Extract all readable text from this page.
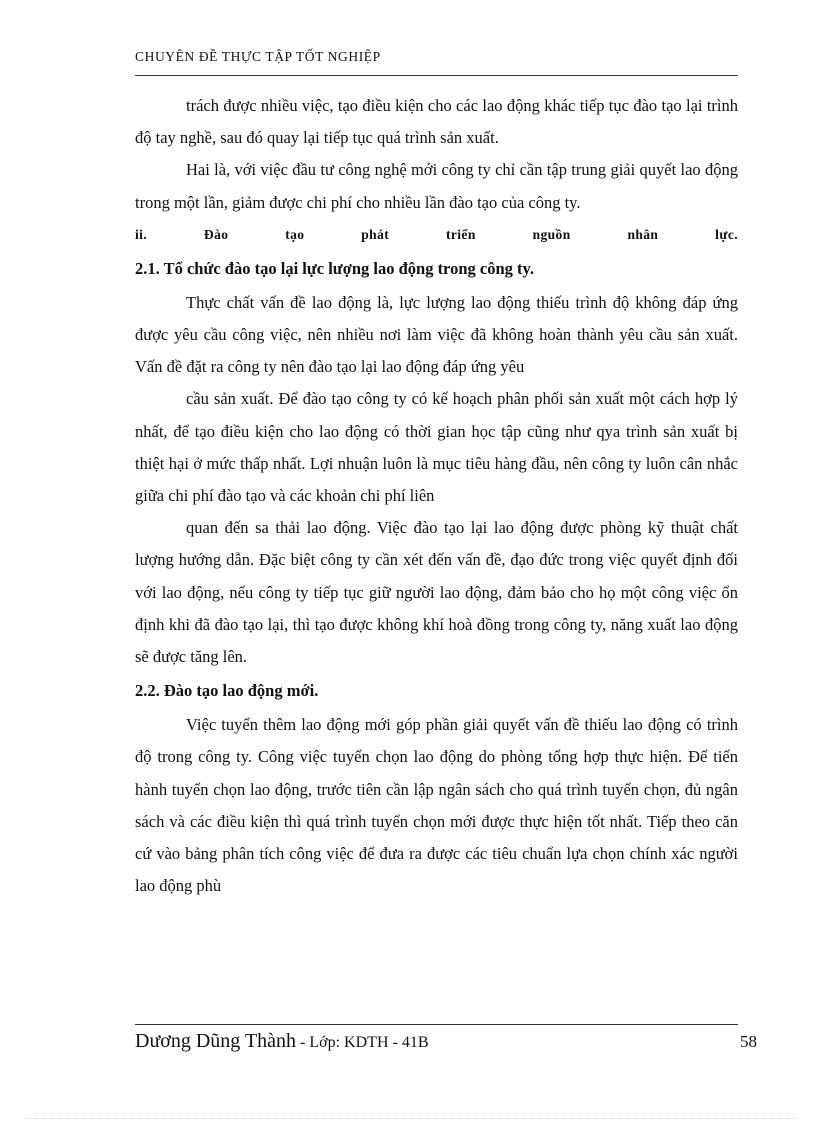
CHUYÊN ĐỀ THỰC TẬP TỐT NGHIỆP

trách được nhiều việc, tạo điều kiện cho các lao động khác tiếp tục đào tạo lại trình độ tay nghề, sau đó quay lại tiếp tục quá trình sản xuất.

Hai là, với việc đầu tư công nghệ mới công ty chỉ cần tập trung giải quyết lao động trong một lần, giảm được chi phí cho nhiều lần đào tạo của công ty.

ii.	Đào	tạo	phát	triển	nguồn	nhân	lực.
2.1. Tổ chức đào tạo lại lực lượng lao động trong công ty.

Thực chất vấn đề lao động là, lực lượng lao động thiếu trình độ không đáp ứng được yêu cầu công việc, nên nhiều nơi làm việc đã không hoàn thành yêu cầu sản xuất. Vấn đề đặt ra công ty nên đào tạo lại lao động đáp ứng yêu

cầu sản xuất. Để đào tạo công ty có kế hoạch phân phối sản xuất một cách hợp lý nhất, để tạo điều kiện cho lao động có thời gian học tập cũng như qya trình sản xuất bị thiệt hại ở mức thấp nhất. Lợi nhuận luôn là mục tiêu hàng đầu, nên công ty luôn cân nhắc giữa chi phí đào tạo và các khoản chi phí liên

quan đến sa thải lao động. Việc đào tạo lại lao động được phòng kỹ thuật chất lượng hướng dẫn. Đặc biệt công ty cần xét đến vấn đề, đạo đức trong việc quyết định đối với lao động, nếu công ty tiếp tục giữ người lao động, đảm bảo cho họ một công việc ổn định khi đã đào tạo lại, thì tạo được không khí hoà đồng trong công ty, năng xuất lao động sẽ được tăng lên.

2.2. Đào tạo lao động mới.

Việc tuyển thêm lao động mới góp phần giải quyết vấn đề thiếu lao động có trình độ trong công ty. Công việc tuyển chọn lao động do phòng tổng hợp thực hiện. Để tiến hành tuyển chọn lao động, trước tiên cần lập ngân sách cho quá trình tuyển chọn, đủ ngân sách và các điều kiện thì quá trình tuyển chọn mới được thực hiện tốt nhất. Tiếp theo căn cứ vào bảng phân tích công việc để đưa ra được các tiêu chuẩn lựa chọn chính xác người lao động phù

Dương Dũng Thành - Lớp: KDTH - 41B	58
